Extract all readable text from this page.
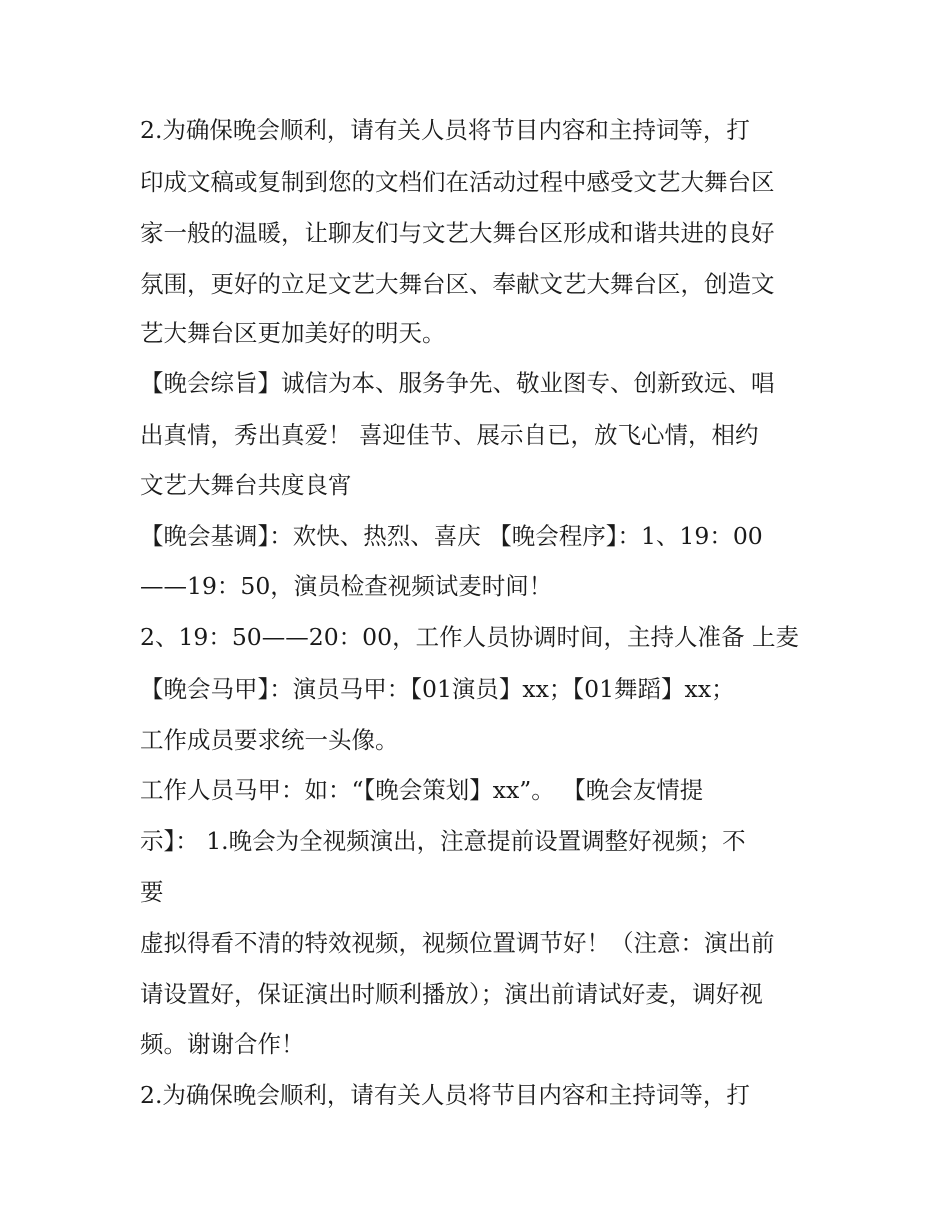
2.为确保晚会顺利，请有关人员将节目内容和主持词等，打
印成文稿或复制到您的文档们在活动过程中感受文艺大舞台区
家一般的温暖，让聊友们与文艺大舞台区形成和谐共进的良好
氛围，更好的立足文艺大舞台区、奉献文艺大舞台区，创造文
艺大舞台区更加美好的明天。
【晚会综旨】诚信为本、服务争先、敬业图专、创新致远、唱
出真情，秀出真爱！ 喜迎佳节、展示自已，放飞心情，相约
文艺大舞台共度良宵
【晚会基调】：欢快、热烈、喜庆 【晚会程序】：1、19：00
——19：50，演员检查视频试麦时间！
2、19：50——20：00，工作人员协调时间，主持人准备 上麦
【晚会马甲】：演员马甲：【01演员】xx；【01舞蹈】xx；
工作成员要求统一头像。
工作人员马甲：如：“【晚会策划】xx”。 【晚会友情提
示】： 1.晚会为全视频演出，注意提前设置调整好视频；不
要
虚拟得看不清的特效视频，视频位置调节好！（注意：演出前
请设置好，保证演出时顺利播放）；演出前请试好麦，调好视
频。谢谢合作！
2.为确保晚会顺利，请有关人员将节目内容和主持词等，打
